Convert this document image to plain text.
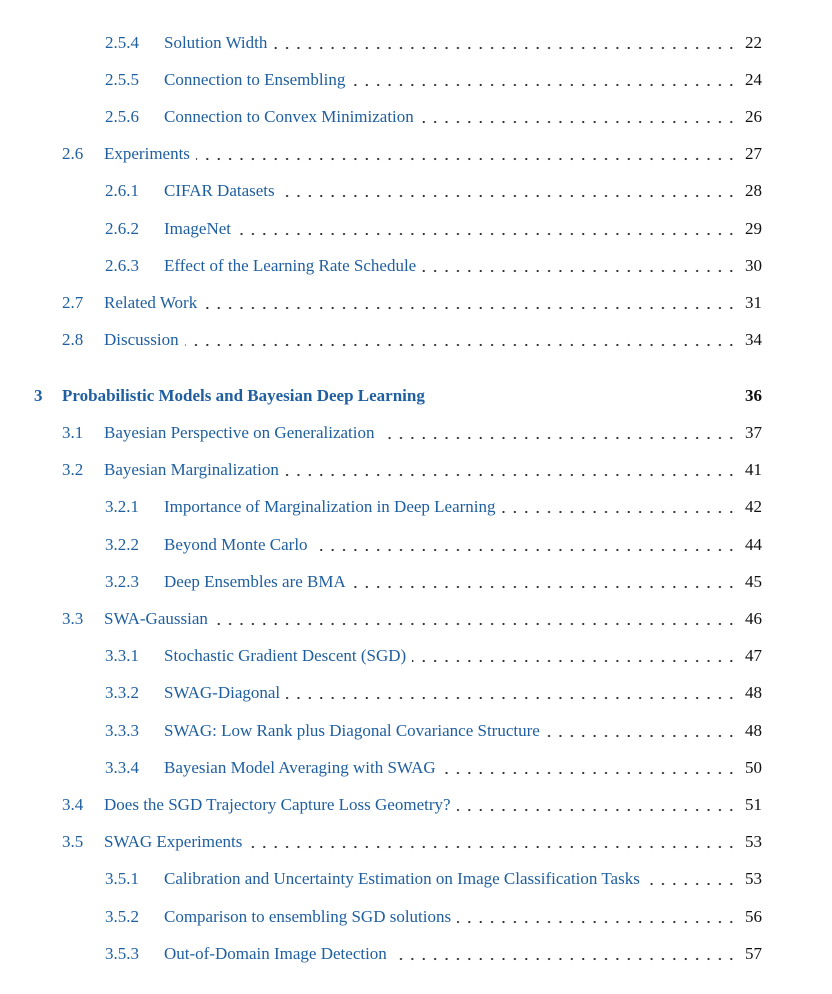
2.5.4 Solution Width	22
2.5.5 Connection to Ensembling	24
2.5.6 Connection to Convex Minimization	26
2.6 Experiments	27
2.6.1 CIFAR Datasets	28
2.6.2 ImageNet	29
2.6.3 Effect of the Learning Rate Schedule	30
2.7 Related Work	31
2.8 Discussion	34
3 Probabilistic Models and Bayesian Deep Learning	36
3.1 Bayesian Perspective on Generalization	37
3.2 Bayesian Marginalization	41
3.2.1 Importance of Marginalization in Deep Learning	42
3.2.2 Beyond Monte Carlo	44
3.2.3 Deep Ensembles are BMA	45
3.3 SWA-Gaussian	46
3.3.1 Stochastic Gradient Descent (SGD)	47
3.3.2 SWAG-Diagonal	48
3.3.3 SWAG: Low Rank plus Diagonal Covariance Structure	48
3.3.4 Bayesian Model Averaging with SWAG	50
3.4 Does the SGD Trajectory Capture Loss Geometry?	51
3.5 SWAG Experiments	53
3.5.1 Calibration and Uncertainty Estimation on Image Classification Tasks	53
3.5.2 Comparison to ensembling SGD solutions	56
3.5.3 Out-of-Domain Image Detection	57
